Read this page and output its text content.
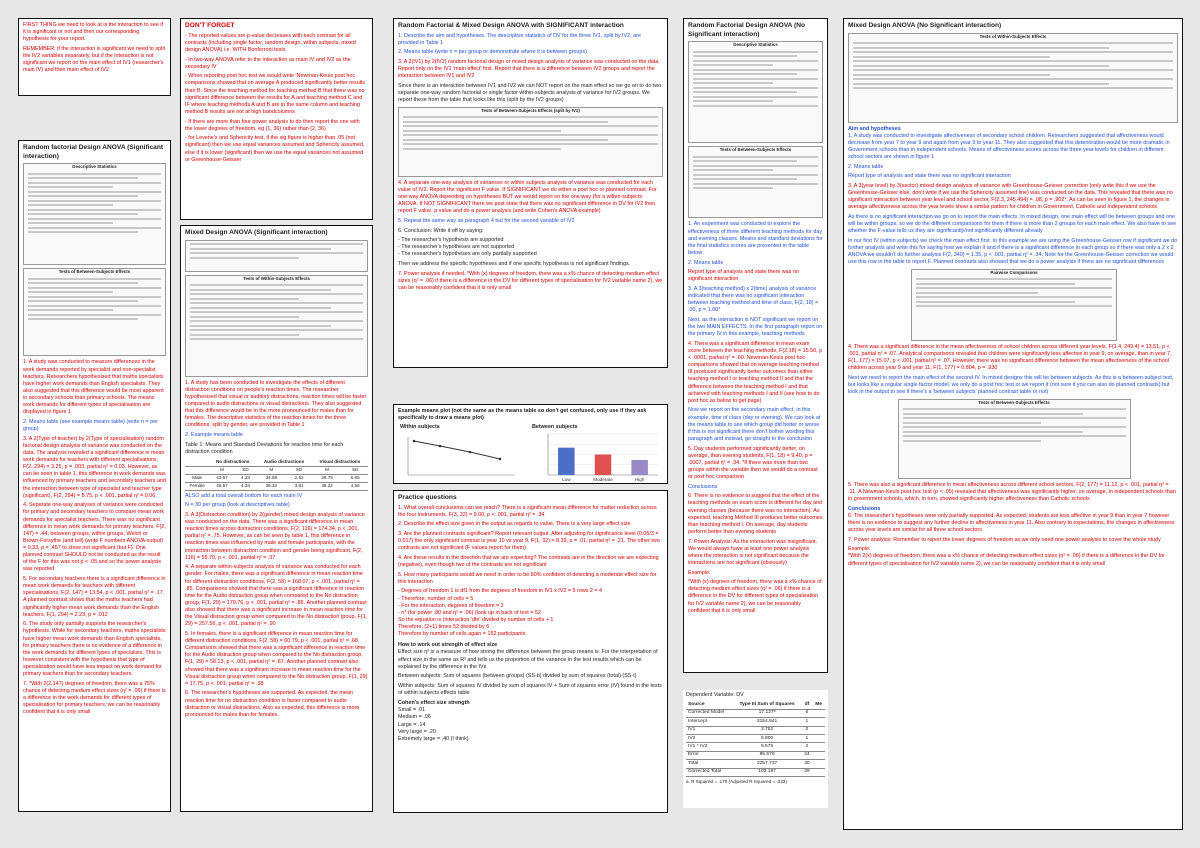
FIRST THING we need to look at is the interaction to see if it is significant or not and then our corresponding hypothesis for your report.

REMEMBER: if the interaction is significant we need to split the IV2 variables separately, but if the interaction is not significant we report on the main effect of IV1 (researcher's main IV) and then main effect of IV2

Random factorial Design ANOVA (Significant interaction)
Descriptive Statistics
Tests of Between-Subjects Effects

1. A study was conducted to measure differences in the work demands reported by specialist and non-specialist teachers. Researchers hypothesised that maths specialists have higher work demands than English specialists. They also suggested that this difference would be most apparent in secondary schools than primary schools. The means work demands for different types of specialisation are displayed in figure 1

2. Means table (see example means table) (write n = per group)

3. A 2(Type of teacher) by 2(Type of specialisation) random factorial design analysis of variance was conducted on the data. The analysis revealed a significant difference in mean work demands for teachers with different specialisations, F(2, 294) = 3.25, p = .003, partial η² = 0.03. However, as can be seen in table 1, this difference in work demands was influenced by primary teachers and secondary teachers and the interaction between type of specialist and teacher type (significant), F(2, 294) = 8.75, p < .001, partial η² = 0.06

4. Separate one-way analyses of variance were conducted for primary and secondary teachers to compare mean work demands for specialist teachers. There was no significant difference in mean work demands for primary teachers, F(2, 147) = .44, between groups, within groups, Welch or Brown-Forsythe (and tell) (write F numbers ANOVA output) = 0.33, p = .457 to show not significant (but F). One planned contrast SHOULD not be conducted as the result of the F for this was not p < .05 and so the power analysis was reported

5. For secondary teachers there is a significant difference in mean work demands for teachers with different specialisations, F(2, 147) = 13.54, p < .001, partial η² = .17. A planned contrast shows that the maths teachers had significantly higher mean work demands than the English teachers, F(1, 294) = 2.23, p = .012

6. The study only partially supports the researcher's hypothesis. While for secondary teachers, maths specialists have higher mean work demands than English specialists, for primary teachers there is no evidence of a difference in the work demands for different types of specialists. This is however consistent with the hypothesis that type of specialisation would have less impact on work demand for primary teachers than for secondary teachers.

7. *With 2(2,147) degrees of freedom, there was a 75% chance of detecting medium effect sizes (η² = .06) if there is a difference in the work demands for different types of specialisation for primary teachers, we can be reasonably confident that it is only small

DON'T FORGET

- The reported values are p-value decreases with each contrast for all contrasts (including single factor, random design, within subjects, mixed design ANOVA) i.e. WITH Bonferroni tests

- In two-way ANOVA refer to the interaction as main IV and IV2 as the secondary IV

- When reporting post hoc test we would write 'Newman-Keuls post hoc comparisons showed that on average A produced significantly better results than B. Since the teaching method for teaching method B that there was no significant difference between the results for A and teaching method C and IF where teaching methods A and B are in the same column and teaching method B results are not at high bandcolumns

- If there are more than four power analysis to do then report the one with the lower degrees of freedom, eg (1, 36) rather than (2, 36)

- for Levene's and Sphericity test, if the sig figure is higher than .05 (not significant) then we use equal variances assumed and Sphericity assumed, else if it is lower (significant) then we use the equal variances not assumed or Greenhouse-Geisser

Mixed Design ANOVA (Significant interaction)
Tests of Within-Subjects Effects

1. A study has been conducted to investigate the effects of different distraction conditions on people's reaction times. The researcher hypothesised that visual or auditory distractions, reaction times will be faster compared to audio distractions or visual distractions. They also suggested that this difference would be in the more pronounced for males than for females. The descriptive statistics of the reaction times for the three conditions, split by gender, are provided in Table 1

2. Example means table

Table 1: Means and Standard Deviations for reaction time for each distraction condition

	No distractions		Audio distractions		Visual distractions	
	M	SD	M	SD	M	SD
Male	43.57	4.23	34.68	2.52	28.79	5.65
Female	45.57	4.34	36.32	3.81	38.22	4.56

ALSO add a total overall bottom for each main IV

N = 30 per group (look at descriptives table)

3. A 3(Distraction condition) by 2(gender) mixed design analysis of variance was conducted on the data. There was a significant difference in mean reaction times across distraction conditions, F(2, 116) = 174.34, p < .001, partial η² = .75. However, as can be seen by table 1, this difference in reaction times was influenced by male and female participants, with the interaction between distraction condition and gender being significant, F(2, 116) = 55.70, p < .001, partial η² = .37

4. A separate within-subjects analysis of variance was conducted for each gender. For males, there was a significant difference in mean reaction time for different distraction conditions, F(2, 58) = 168.07, p < .001, partial η² = .85. Comparisons showed that there was a significant difference in reaction time for the Audio distraction group when compared to the No distraction group, F(1, 29) = 179.76, p < .001, partial η² = .86. Another planned contrast also showed that there was a significant increase in mean reaction time for the Visual distraction group when compared to the No distraction group, F(1, 29) = 257.56, p < .001, partial η² = .90

5. In females, there is a significant difference in mean reaction time for different distraction conditions, F(2, 58) = 60.79, p < .001, partial η² = .68. Comparisons showed that there was a significant difference in reaction time for the Audio distraction group when compared to the No distraction group, F(1, 29) = 58.13, p < .001, partial η² = .67. Another planned contrast also showed that there was a significant increase in mean reaction time for the Visual distraction group when compared to the No distraction group, F(1, 29) = 17.75, p < .001, partial η² = .38

6. The researcher's hypotheses are supported. As expected, the mean reaction time for no distraction condition is faster compared to audio distraction or visual distractions. Also as expected, this difference is more pronounced for males than for females.

Random Factorial & Mixed Design ANOVA with SIGNIFICANT interaction

1. Describe the aim and hypotheses. The descriptive statistics of DV for the three IV1, split by IV2, are provided in Table 1

2. Means table (write n = per group or demonstrate where it is between groups)

3. A 2(IV1) by 2(IV2) random factorial design or mixed design analysis of variance was conducted on the data. Report only on the IV1 'main effect' first. Report that there is a difference between IV2 groups and report the interaction between IV1 and IV2

Since there is an interaction between IV1 and IV2 we can NOT report on the main effect so we go on to do two separate one-way random factorial or single factor within-subjects analysis of variance for IV2 groups. We report these from the table that looks like this (split by the IV2 groups)

Tests of Between-Subjects Effects (split by IV2)

4. A separate one-way analysis of variances or within subjects analysis of variance was conducted for each value of IV2. Report the significant F value. If SIGNIFICANT we do either a post hoc or planned contrast. For one-way ANOVA depending on hypotheses BUT we would report on the one-way (for a within-subjects ANOVA. If NOT SIGNIFICANT there we post state that there was no significant difference in DV for IV2 then report F value, p value and do a power analysis (and write Cohen's ANOVA example)

5. Repeat the same way as paragraph 4 but for the second variable of IV2

6. Conclusion: Write it off by saying:

- The researcher's hypothesis are supported

- The researcher's hypotheses are not supported

- The researcher's hypotheses are only partially supported

Then we address the specific hypotheses and if one specific hypothesis is not significant findings.

7. Power analysis if needed. *With (x) degrees of freedom, there was a x% chance of detecting medium effect sizes (η² = .06) if there is a difference in the DV for different types of specialisation for IV2 variable name 2), we can be reasonably confident that it is only small

Example means plot (not the same as the means table so don't get confused, only use if they ask specifically to draw a means plot)
Within subjects	Between subjects
Low	Moderate	High
Practice questions

1. What overall conclusions can we reach? There is a significant mean difference for matter reduction across the four instruments. F(3, 32) = 9.00, p < .001, partial η² = .34

2. Describe the effect size given in the output as regards to value. There is a very large effect size

3. Are the planned contrasts significant? Report relevant output. After adjusting for significance level (0.05/3 = 0.017) the only significant contrast is year 10 vs year 9, F(1, 32) = 8.39, p = .01, partial η² = .21. The other two contrasts are not significant (F values report for them)

4. Are these results in the direction that we are expecting? The contrasts are in the direction we are expecting (negative), even though two of the contrasts are not significant

5. How many participants would we need in order to be 80% confident of detecting a moderate effect size for this interaction

- Degrees of freedom 1 is df1 from the degrees of freedom in IV1 x IV2 = 5 rows 2 = 4

- Therefore, number of cells = 5

- For the interaction, degrees of freedom = 2

- n* (for power .80 and η² = .06) (look up in back of text = 52

So the equation is (interaction 'dfe' divided by number of cells + 1

Therefore, (2+1) times 52 divided by 6

Therefore by number of cells again = 152 participants

How to work out strength of effect size

Effect size η² is a measure of how strong the difference between the group means is. For the interpretation of effect size in the same as R² and tells us the proportion of the variance in the test results which can be explained by the difference in the IVs

Between subjects: Sum of squares (between groups) (SS-b) divided by sum of squares (total) (SS-t)

Within subjects: Sum of squares IV divided by sum of squares IV + Sum of squares error (IV) found in the tests of within subjects effects table

Cohen's effect size strength
Small = .01
Medium = .06
Large = .14
Very large = .20
Extremely large = .40 (I think)
Random Factorial Design ANOVA (No Significant interaction)
Descriptive Statistics
Tests of Between-Subjects Effects

1. An experiment was conducted to explore the effectiveness of three different teaching methods for day and evening classes. Means and standard deviations for the final statistics scores are presented in the table below

2. Means table

Report type of analysis and state there was no significant interaction

3. A 3(teaching method) x 2(time) analysis of variance indicated that there was no significant interaction between teaching method and time of class, F(2, 18) = .00, p = 1.00*

Next, as the interaction is NOT significant we report on the two MAIN EFFECTS. In the first paragraph report on the primary IV in this example, teaching methods

4. There was a significant difference in mean exam score between the teaching methods, F(2,18) = 15.50, p < .0001, partial η² = .60. Newman-Keuls post hoc comparisons showed that on average teaching method III produced significantly better outcomes than either teaching method I or teaching method II and that the difference between the teaching method I and that achieved with teaching methods I and II (see how to do post hoc as below to get page)

Now we report on the secondary main effect, in this example, time of class (day or evening). We can look at the means table to see which group did better or worse if this is not significant there don't bother wording this paragraph and instead, go straight to the conclusion

5. Day students performed significantly better, on average, than evening students, F(1, 18) = 9.40, p = .0007, partial η² = .34. *If there was more than two groups within the variable then we would do a contrast or post hoc comparison

Conclusions

6. There is no evidence to suggest that the effect of the teaching methods on exam score is different for day and evening classes (because there was no interaction). As expected, teaching Method III produces better outcomes than teaching method I. On average, day students perform better than evening students

7. Power Analysis: As the interaction was insignificant. We would always have at least one power analysis where the interaction is not significant because the interactions are not significant (obviously)

Example:

*With (x) degrees of freedom, there was a x% chance of detecting medium effect sizes (η² = .06) if there is a difference in the DV for different types of specialisation for IV2 variable name 2), we can be reasonably confident that it is only small

Dependent Variable: DV
Source	Type III Sum of Squares	df	Me
Corrected Model	17.127ᵃ	6	
Intercept	3154.541	1	
IV1	3.752	2	
IV2	6.800	1	
IV1 * IV2	6.575	2	
Error	85.570	24	
Total	3257.737	30	
Corrected Total	103.187	29	
a. R Squared = .170 (Adjusted R Squared = .033)
Mixed Design ANOVA (No Significant interaction)
Tests of Within-Subjects Effects
Aim and hypotheses

1. A study was conducted to investigate affectiveness of secondary school children. Researchers suggested that affectiveness would decrease from year 7 to year 9 and again from year 9 to year 11. They also suggested that this deterioration would be more dramatic in Government schools than in independent schools. Means of affectiveness scores across the three year levels for children in different school sectors are shown in figure 1

2. Means table

Report type of analysis and state there was no significant interaction

3. A 3(year level) by 3(sector) mixed design analysis of variance with Greenhouse-Geisser correction (only write this if we use the Greenhouse-Geisser else, don't write if we use the Sphericity assumed line) was conducted on the data. This revealed that there was no significant interaction between year level and school sector, F(2.3, 245.494) = .08, p = .902*. As can be seen in figure 1, the changes in average affectiveness across the year levels show a similar pattern for children in Government, Catholic and Independent schools

As there is no significant interaction we go on to report the main effects. In mixed design, one main effect will be between groups and one will be within groups, so we do the different comparisons for them if there is more than 2 groups for each main effect. We also have to see whether the F-value tells us they are significantly/not significantly different already

In our first IV (within subjects) we check the main effect first. In this example we are using the Greenhouse-Geisser row if significant we do further analysis and write this for saying how we explain it and if there is a significant difference in each group so if there was only a 2 x 2 ANOVA we wouldn't do further analysis F(2, 340) = 1.35, p < .001, partial η² = .34. Note for the Greenhouse-Geisser correction we would use this row in the table to report F. Planned contrasts also showed that we do a power analysis if there are no significant differences

Pairwise Comparisons

4. There was a significant difference in the mean affectiveness of school children across different year levels, F(1.4, 249.4) = 13.51, p < .001, partial η² = .07. Analytical comparisons revealed that children were significantly less affective in year 9, on average, than in year 7, F(1, 177) = 15.07, p < .001, partial η² = .07. However, there was no significant difference between the mean affectiveness of the school children across year 9 and year 11, F(1, 177) = 0.804, p = .930

Next we need to report the main effect of the second IV. In mixed designs this will be between subjects. As this is a between-subject test, but looks like a regular single factor model, we only do a post hoc test or we report it (not sure if you can also do planned contrasts) but look in the output to see if there's a 'between subjects' planned contrast table or not)

Tests of Between-Subjects Effects

5. There was also a significant difference in mean affectiveness across different school sectors, F(2, 177) = 11.12, p < .001, partial η² = .11. A Newman-Keuls post-hoc test (p < .05) revealed that affectiveness was significantly higher, on average, in independent schools than in government schools, which, in turn, showed significantly higher affectiveness than Catholic schools

Conclusions

6. The researcher's hypotheses were only partially supported. As expected, students are less affective in year 9 than in year 7 however there is no evidence to suggest any further decline in affectiveness in year 11. Also contrary to expectations, the changes in affectiveness across year levels are similar for all three school sectors

7. Power analysis: Remember to report the lower degrees of freedom as we only need one power analysis to cover the whole study

Example:

*With 2(x) degrees of freedom, there was a x% chance of detecting medium effect sizes (η² = .06) if there is a difference in the DV for different types of specialisation for IV2 variable name 2), we can be reasonably confident that it is only small
